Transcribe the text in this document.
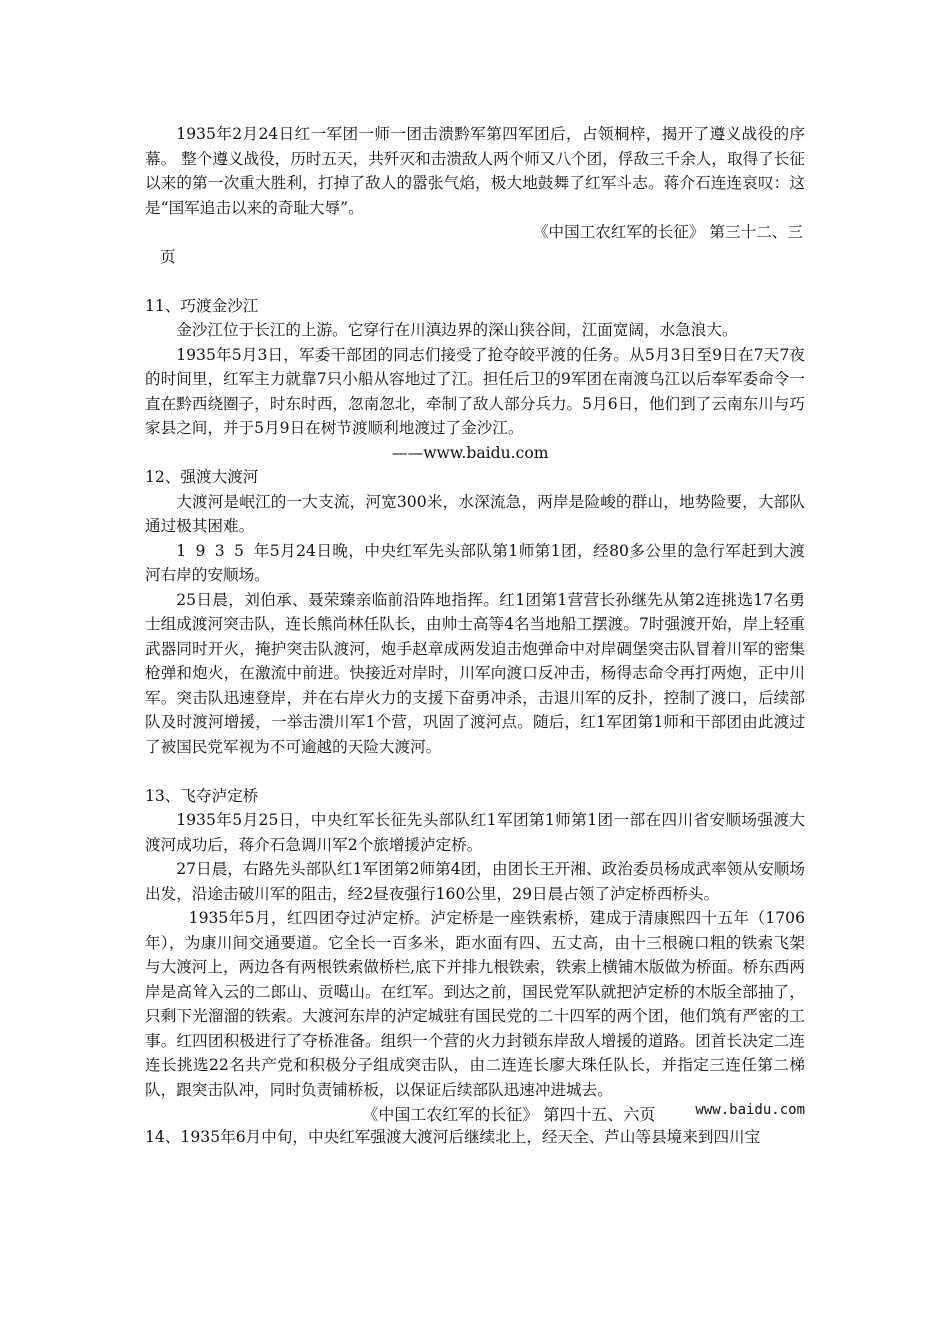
1935年2月24日红一军团一师一团击溃黔军第四军团后，占领桐梓，揭开了遵义战役的序幕。 整个遵义战役，历时五天，共歼灭和击溃敌人两个师又八个团，俘敌三千余人，取得了长征以来的第一次重大胜利，打掉了敌人的嚣张气焰，极大地鼓舞了红军斗志。蒋介石连连哀叹：这是“国军追击以来的奇耻大辱”。

《中国工农红军的长征》 第三十二、三

页

11、巧渡金沙江

金沙江位于长江的上游。它穿行在川滇边界的深山狭谷间，江面宽阔，水急浪大。

1935年5月3日，军委干部团的同志们接受了抢夺皎平渡的任务。从5月3日至9日在7天7夜的时间里，红军主力就靠7只小船从容地过了江。担任后卫的9军团在南渡乌江以后奉军委命令一直在黔西绕圈子，时东时西，忽南忽北，牵制了敌人部分兵力。5月6日，他们到了云南东川与巧家县之间，并于5月9日在树节渡顺利地渡过了金沙江。

——www.baidu.com

12、强渡大渡河

大渡河是岷江的一大支流，河宽300米，水深流急，两岸是险峻的群山，地势险要，大部队通过极其困难。

1935年5月24日晚，中央红军先头部队第1师第1团，经80多公里的急行军赶到大渡河右岸的安顺场。

25日晨，刘伯承、聂荣臻亲临前沿阵地指挥。红1团第1营营长孙继先从第2连挑选17名勇士组成渡河突击队，连长熊尚林任队长，由帅士高等4名当地船工摆渡。7时强渡开始，岸上轻重武器同时开火，掩护突击队渡河，炮手赵章成两发迫击炮弹命中对岸碉堡突击队冒着川军的密集枪弹和炮火，在激流中前进。快接近对岸时，川军向渡口反冲击，杨得志命令再打两炮，正中川军。突击队迅速登岸，并在右岸火力的支援下奋勇冲杀，击退川军的反扑，控制了渡口，后续部队及时渡河增援，一举击溃川军1个营，巩固了渡河点。随后，红1军团第1师和干部团由此渡过了被国民党军视为不可逾越的天险大渡河。

13、飞夺泸定桥

1935年5月25日，中央红军长征先头部队红1军团第1师第1团一部在四川省安顺场强渡大渡河成功后，蒋介石急调川军2个旅增援泸定桥。

27日晨，右路先头部队红1军团第2师第4团，由团长王开湘、政治委员杨成武率领从安顺场出发，沿途击破川军的阻击，经2昼夜强行160公里，29日晨占领了泸定桥西桥头。

1935年5月，红四团夺过泸定桥。泸定桥是一座铁索桥，建成于清康熙四十五年（1706年），为康川间交通要道。它全长一百多米，距水面有四、五丈高，由十三根碗口粗的铁索飞架与大渡河上，两边各有两根铁索做桥栏,底下并排九根铁索，铁索上横铺木版做为桥面。桥东西两岸是高耸入云的二郎山、贡噶山。在红军。到达之前，国民党军队就把泸定桥的木版全部抽了，只剩下光溜溜的铁索。大渡河东岸的泸定城驻有国民党的二十四军的两个团，他们筑有严密的工事。红四团积极进行了夺桥准备。组织一个营的火力封锁东岸敌人增援的道路。团首长决定二连连长挑选22名共产党和积极分子组成突击队，由二连连长廖大珠任队长，并指定三连任第二梯队，跟突击队冲，同时负责铺桥板，以保证后续部队迅速冲进城去。

《中国工农红军的长征》 第四十五、六页	www.baidu.com

14、1935年6月中旬，中央红军强渡大渡河后继续北上，经天全、芦山等县境来到四川宝
